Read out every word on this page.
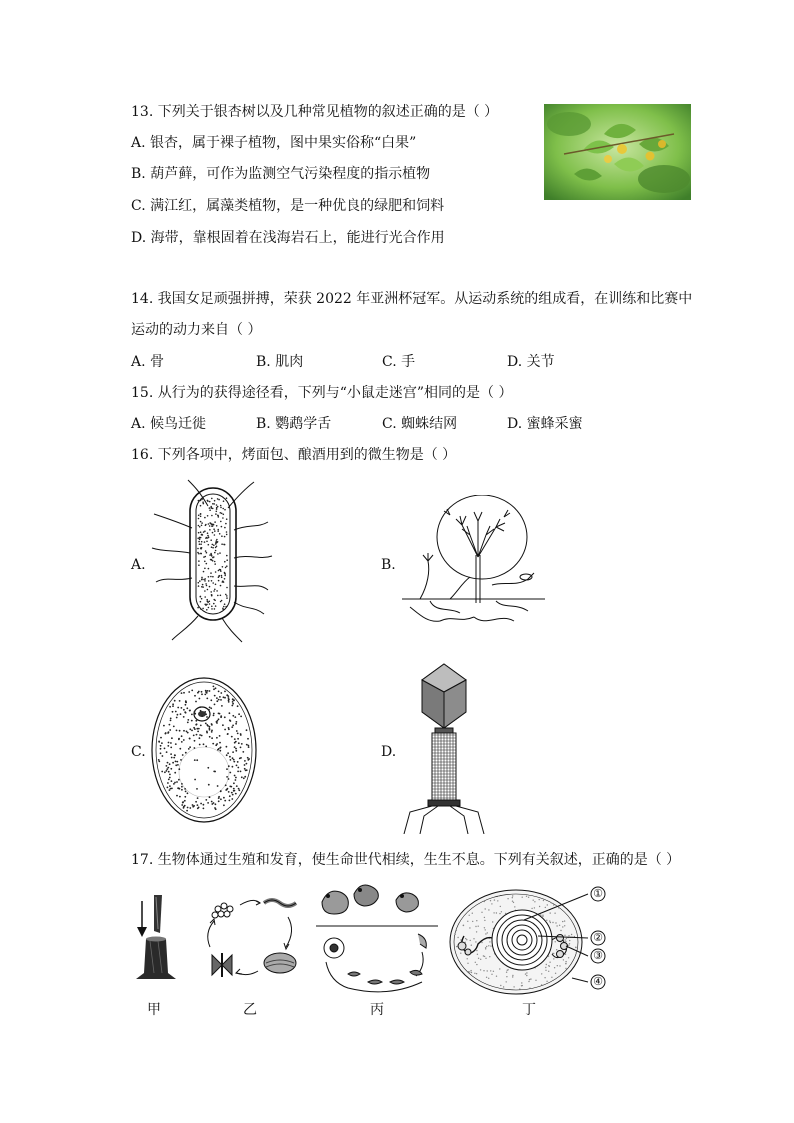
13. 下列关于银杏树以及几种常见植物的叙述正确的是（ ）
A. 银杏，属于裸子植物，图中果实俗称“白果”
B. 葫芦藓，可作为监测空气污染程度的指示植物
C. 满江红，属藻类植物，是一种优良的绿肥和饲料
D. 海带，靠根固着在浅海岩石上，能进行光合作用
14. 我国女足顽强拼搏，荣获 2022 年亚洲杯冠军。从运动系统的组成看，在训练和比赛中
运动的动力来自（ ）
A. 骨	B. 肌肉	C. 手	D. 关节
15. 从行为的获得途径看，下列与“小鼠走迷宫”相同的是（ ）
A. 候鸟迁徙	B. 鹦鹉学舌	C. 蜘蛛结网	D. 蜜蜂采蜜
16. 下列各项中，烤面包、酿酒用到的微生物是（ ）
A.	B.
C.	D.
17. 生物体通过生殖和发育，使生命世代相续，生生不息。下列有关叙述，正确的是（ ）
①
②
③
④
甲	乙	丙	丁
